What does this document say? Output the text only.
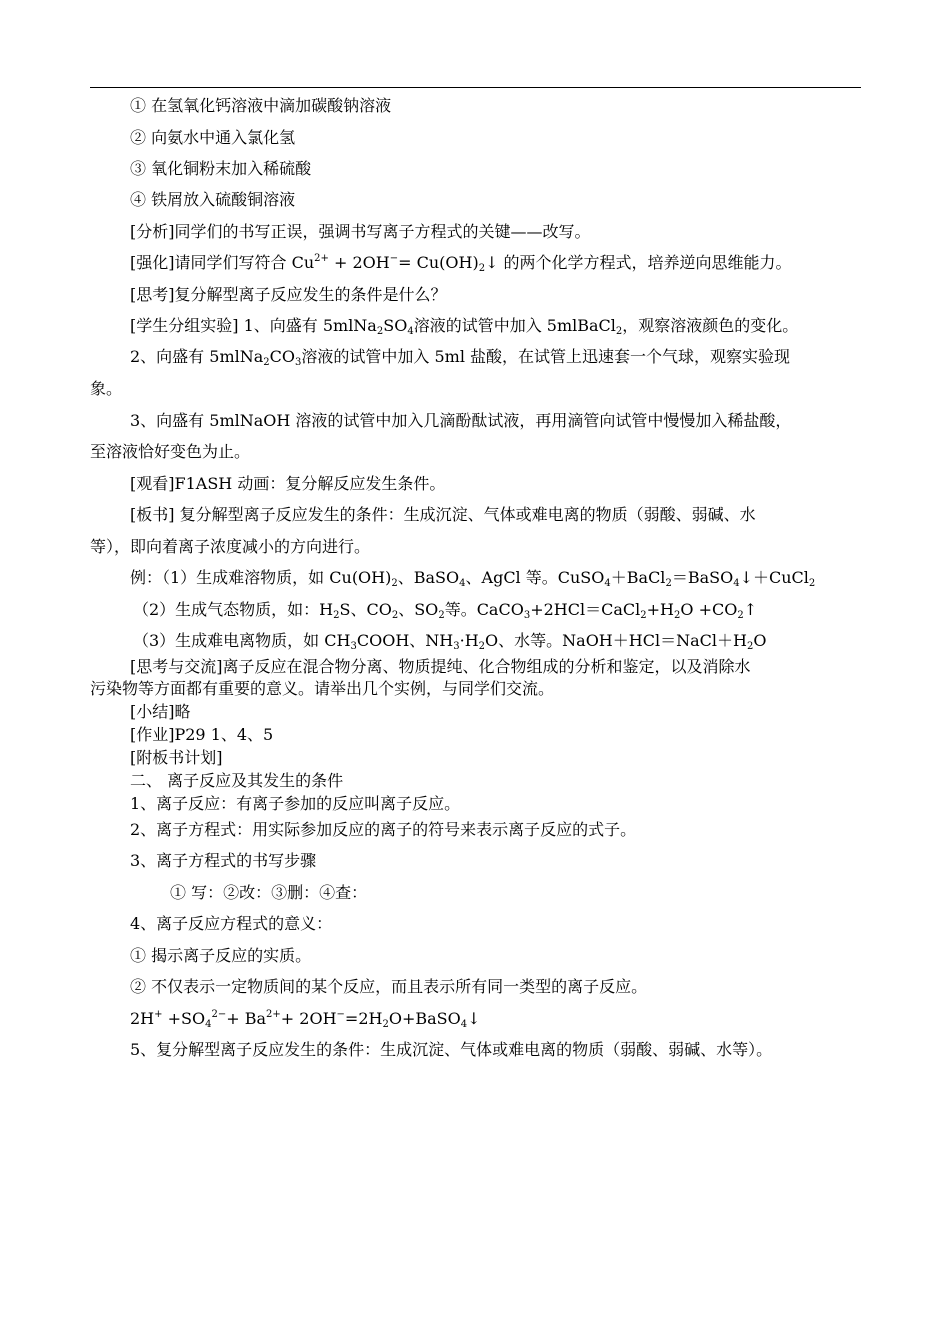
① 在氢氧化钙溶液中滴加碳酸钠溶液
② 向氨水中通入氯化氢
③ 氧化铜粉末加入稀硫酸
④ 铁屑放入硫酸铜溶液
[分析]同学们的书写正误，强调书写离子方程式的关键——改写。
[强化]请同学们写符合 $Cu^{2+} + 2OH^-=$ $Cu(OH)_2↓$ 的两个化学方程式，培养逆向思维能力。
[思考]复分解型离子反应发生的条件是什么？
[学生分组实验] 1、向盛有 $5mlNa_2SO_4$溶液的试管中加入 5mlBaCl$_2$，观察溶液颜色的变化。
2、向盛有 $5mlNa_2CO_3$溶液的试管中加入 5ml 盐酸，在试管上迅速套一个气球，观察实验现
象。
3、向盛有 5mlNaOH 溶液的试管中加入几滴酚酞试液，再用滴管向试管中慢慢加入稀盐酸，
至溶液恰好变色为止。
[观看]F1ASH 动画：复分解反应发生条件。
[板书] 复分解型离子反应发生的条件：生成沉淀、气体或难电离的物质（弱酸、弱碱、水
等），即向着离子浓度减小的方向进行。
例：（1）生成难溶物质，如 $Cu(OH)_2$、BaSO$_4$、AgCl 等。CuSO$_4$＋BaCl$_2$＝BaSO$_4$↓＋CuCl$_2$
（2）生成气态物质，如：$H_2S$、$CO_2$、$SO_2$等。$CaCO_3+2HCl=CaCl_2+H_2O$ $+CO_2↑$
（3）生成难电离物质，如 $CH_3COOH$、$NH_3\cdot H_2O$、水等。$NaOH+HCl=NaCl+H_2O$
[思考与交流]离子反应在混合物分离、物质提纯、化合物组成的分析和鉴定，以及消除水
污染物等方面都有重要的意义。请举出几个实例，与同学们交流。
[小结]略
[作业]P29 1、4、5
[附板书计划]
二、 离子反应及其发生的条件
1、离子反应：有离子参加的反应叫离子反应。
2、离子方程式：用实际参加反应的离子的符号来表示离子反应的式子。
3、离子方程式的书写步骤
① 写：②改：③删：④查：
4、离子反应方程式的意义：
① 揭示离子反应的实质。
② 不仅表示一定物质间的某个反应，而且表示所有同一类型的离子反应。
$2H^+ +SO_4^{2-}+ Ba^{2+}+$ $2OH^-=2H_2O+BaSO_4↓$
5、复分解型离子反应发生的条件：生成沉淀、气体或难电离的物质（弱酸、弱碱、水等）。
